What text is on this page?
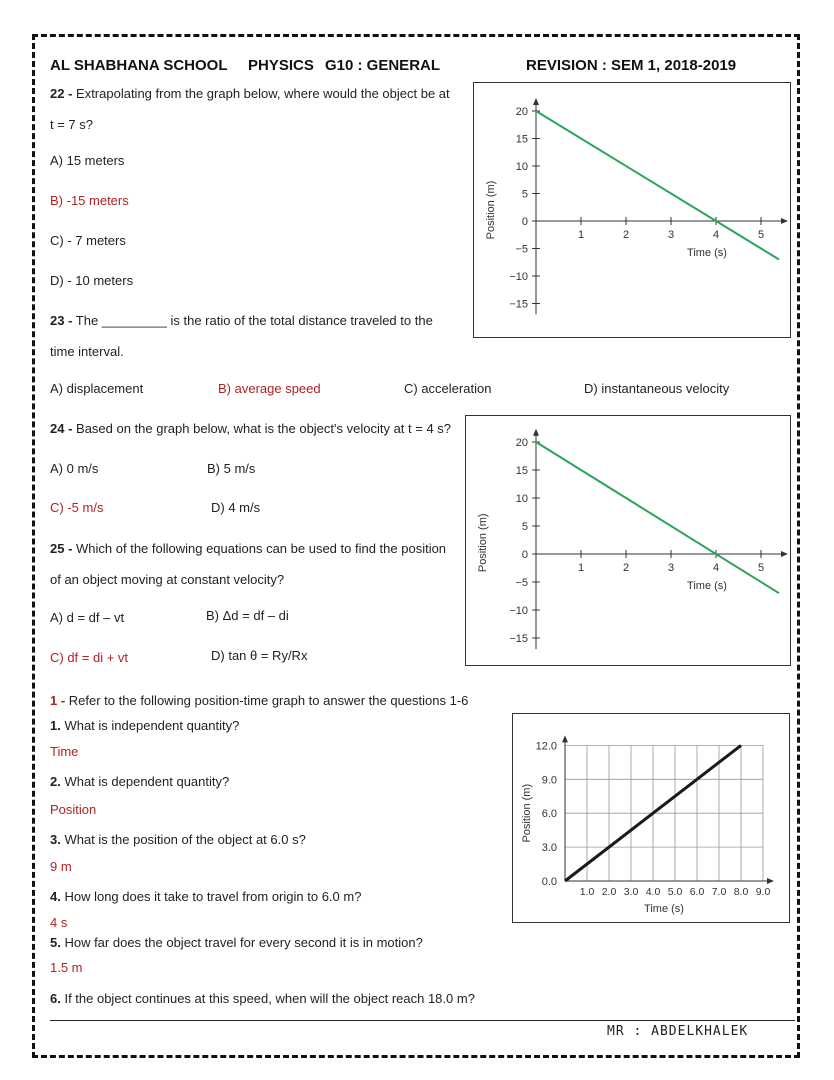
AL SHABHANA SCHOOL PHYSICS G10 : GENERAL	REVISION : SEM 1, 2018-2019
22 - Extrapolating from the graph below, where would the object be at
t = 7 s?
A) 15 meters
B) -15 meters
C) - 7 meters
D) - 10 meters
23 - The _________ is the ratio of the total distance traveled to the
time interval.
A) displacement	B) average speed	C) acceleration	D) instantaneous velocity
24 - Based on the graph below, what is the object's velocity at t = 4 s?
A) 0 m/s	B) 5 m/s
C) -5 m/s	D) 4 m/s
25 - Which of the following equations can be used to find the position
of an object moving at constant velocity?
A) d = df – vt	B) Δd = df – di
C) df = di + vt	D) tan θ = Ry/Rx
1 - Refer to the following position-time graph to answer the questions 1-6
1. What is independent quantity?
2. What is dependent quantity?
3. What is the position of the object at 6.0 s?
4. How long does it take to travel from origin to 6.0 m?
5. How far does the object travel for every second it is in motion?
6. If the object continues at this speed, when will the object reach 18.0 m?
Time
Position
9 m
4 s
1.5 m
20
15
10
5
0
−5
−10
−15
1	2	3	4	5
Time (s)
Position (m)
20
15
10
5
0
−5
−10
−15
1	2	3	4	5
Time (s)
Position (m)
0.0
3.0
6.0
9.0
12.0
1.0 2.0 3.0 4.0 5.0 6.0 7.0 8.0 9.0
Time (s)
Position (m)
MR : ABDELKHALEK
